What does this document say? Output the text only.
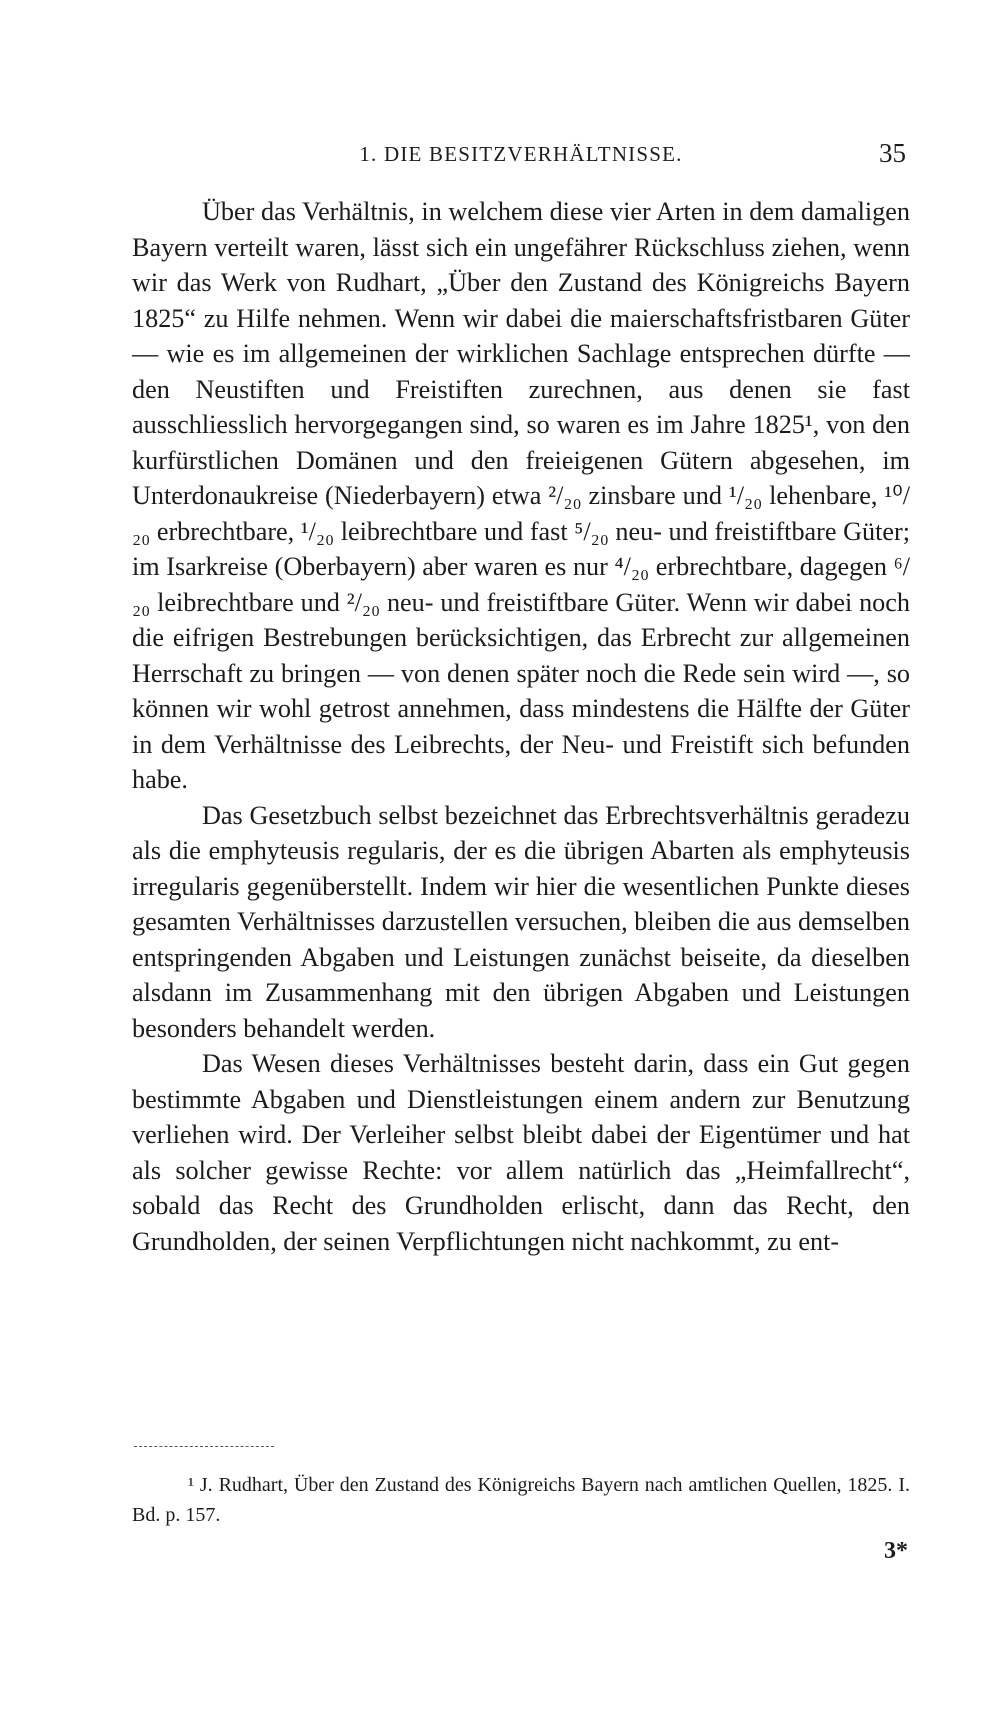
1. DIE BESITZVERHÄLTNISSE.	35

Über das Verhältnis, in welchem diese vier Arten in dem damaligen Bayern verteilt waren, lässt sich ein ungefährer Rückschluss ziehen, wenn wir das Werk von Rudhart, „Über den Zustand des Königreichs Bayern 1825“ zu Hilfe nehmen. Wenn wir dabei die maierschaftsfristbaren Güter — wie es im allgemeinen der wirklichen Sachlage entsprechen dürfte — den Neustiften und Freistiften zurechnen, aus denen sie fast ausschliesslich hervorgegangen sind, so waren es im Jahre 1825¹, von den kurfürstlichen Domänen und den freieigenen Gütern abgesehen, im Unterdonaukreise (Niederbayern) etwa ²/₂₀ zinsbare und ¹/₂₀ lehenbare, ¹⁰/₂₀ erbrechtbare, ¹/₂₀ leibrechtbare und fast ⁵/₂₀ neu- und freistiftbare Güter; im Isarkreise (Oberbayern) aber waren es nur ⁴/₂₀ erbrechtbare, dagegen ⁶/₂₀ leibrechtbare und ²/₂₀ neu- und freistiftbare Güter. Wenn wir dabei noch die eifrigen Bestrebungen berücksichtigen, das Erbrecht zur allgemeinen Herrschaft zu bringen — von denen später noch die Rede sein wird —, so können wir wohl getrost annehmen, dass mindestens die Hälfte der Güter in dem Verhältnisse des Leibrechts, der Neu- und Freistift sich befunden habe.

Das Gesetzbuch selbst bezeichnet das Erbrechtsverhältnis geradezu als die emphyteusis regularis, der es die übrigen Abarten als emphyteusis irregularis gegenüberstellt. Indem wir hier die wesentlichen Punkte dieses gesamten Verhältnisses darzustellen versuchen, bleiben die aus demselben entspringenden Abgaben und Leistungen zunächst beiseite, da dieselben alsdann im Zusammenhang mit den übrigen Abgaben und Leistungen besonders behandelt werden.

Das Wesen dieses Verhältnisses besteht darin, dass ein Gut gegen bestimmte Abgaben und Dienstleistungen einem andern zur Benutzung verliehen wird. Der Verleiher selbst bleibt dabei der Eigentümer und hat als solcher gewisse Rechte: vor allem natürlich das „Heimfallrecht“, sobald das Recht des Grundholden erlischt, dann das Recht, den Grundholden, der seinen Verpflichtungen nicht nachkommt, zu ent-

¹ J. Rudhart, Über den Zustand des Königreichs Bayern nach amtlichen Quellen, 1825. I. Bd. p. 157.

3*
